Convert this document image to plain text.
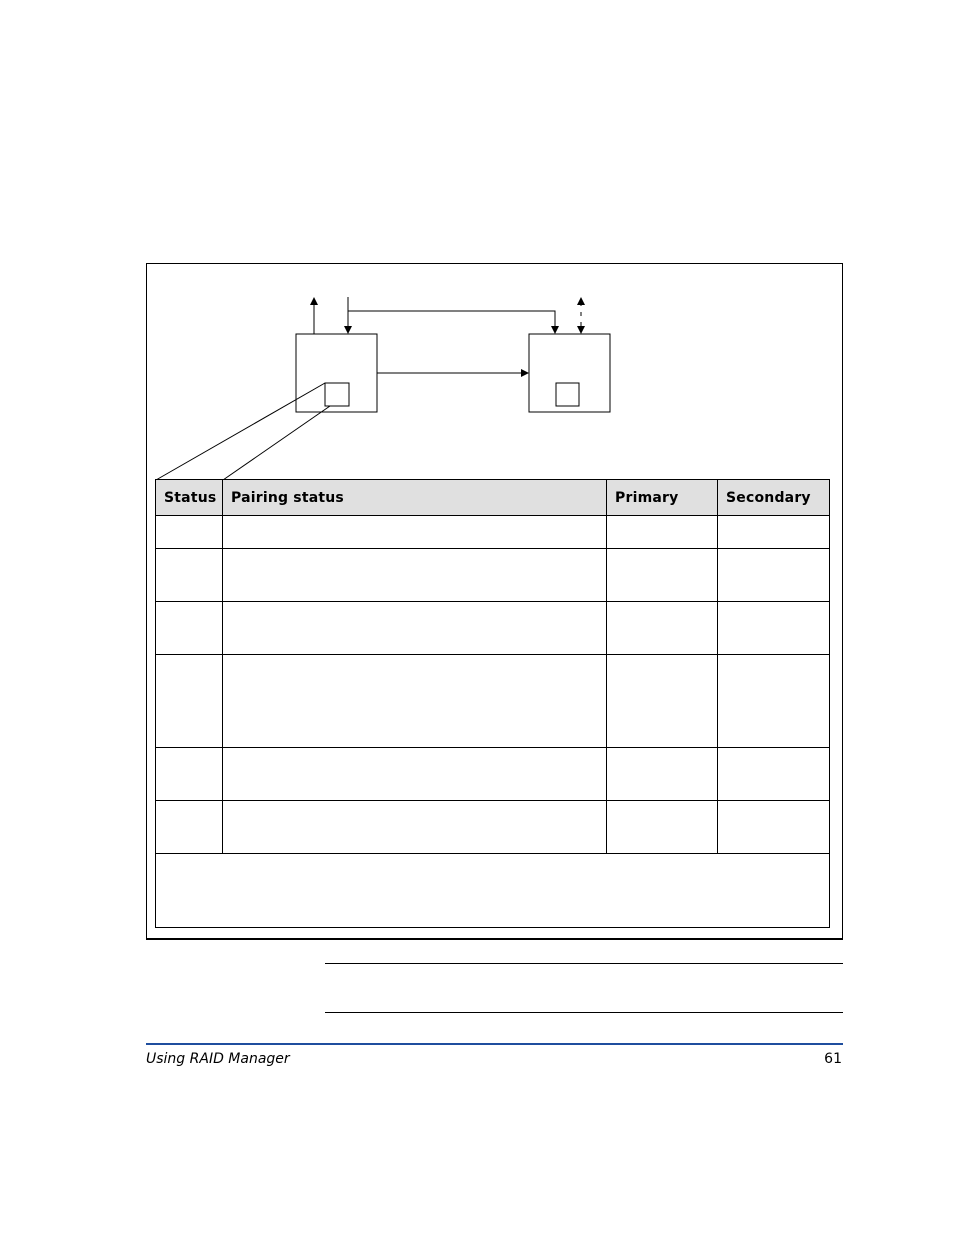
Status	Pairing status	Primary	Secondary

Using RAID Manager	61
